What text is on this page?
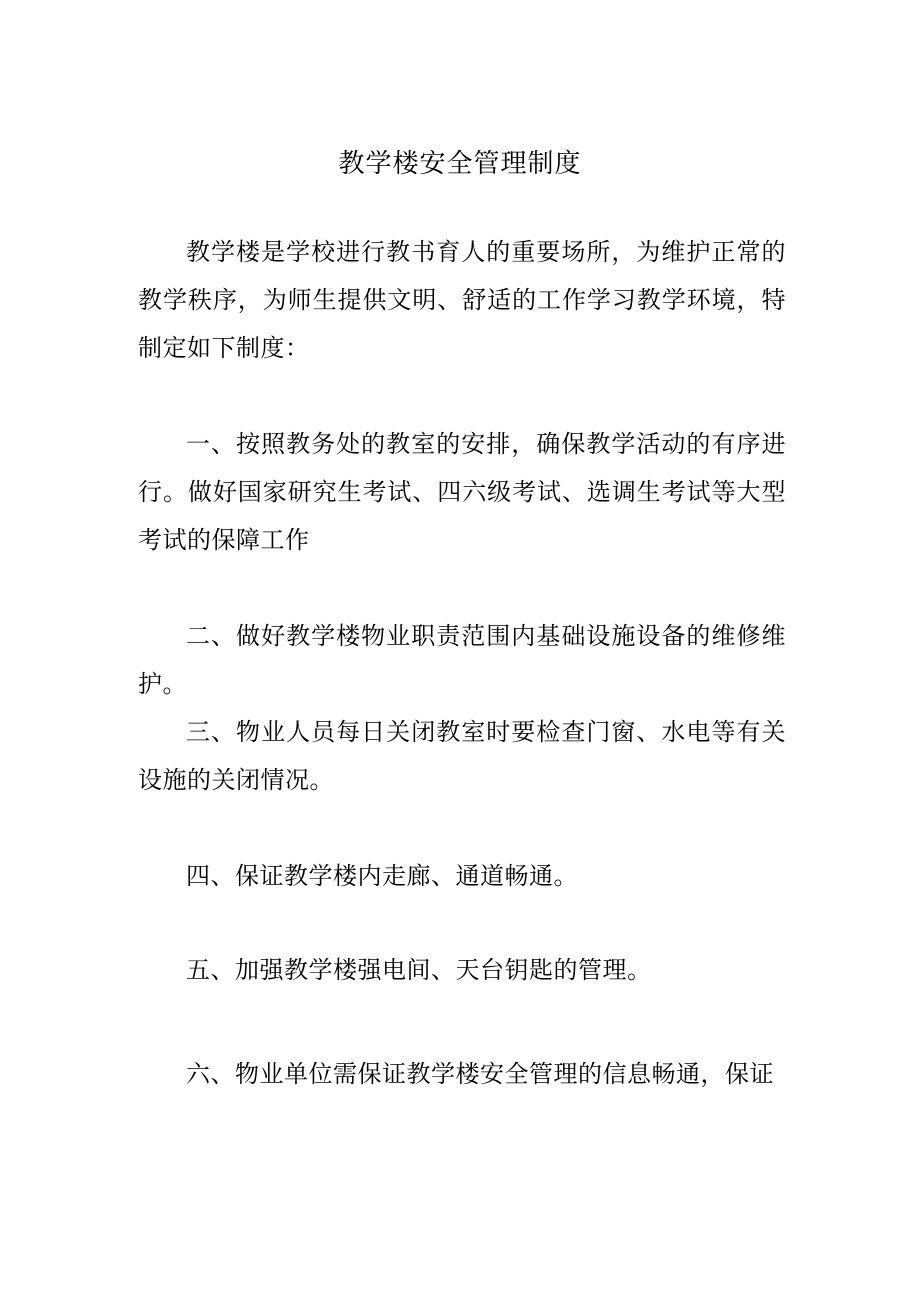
教学楼安全管理制度

教学楼是学校进行教书育人的重要场所，为维护正常的教学秩序，为师生提供文明、舒适的工作学习教学环境，特制定如下制度：

一、按照教务处的教室的安排，确保教学活动的有序进行。做好国家研究生考试、四六级考试、选调生考试等大型考试的保障工作

二、做好教学楼物业职责范围内基础设施设备的维修维护。

三、物业人员每日关闭教室时要检查门窗、水电等有关设施的关闭情况。

四、保证教学楼内走廊、通道畅通。

五、加强教学楼强电间、天台钥匙的管理。

六、物业单位需保证教学楼安全管理的信息畅通，保证
